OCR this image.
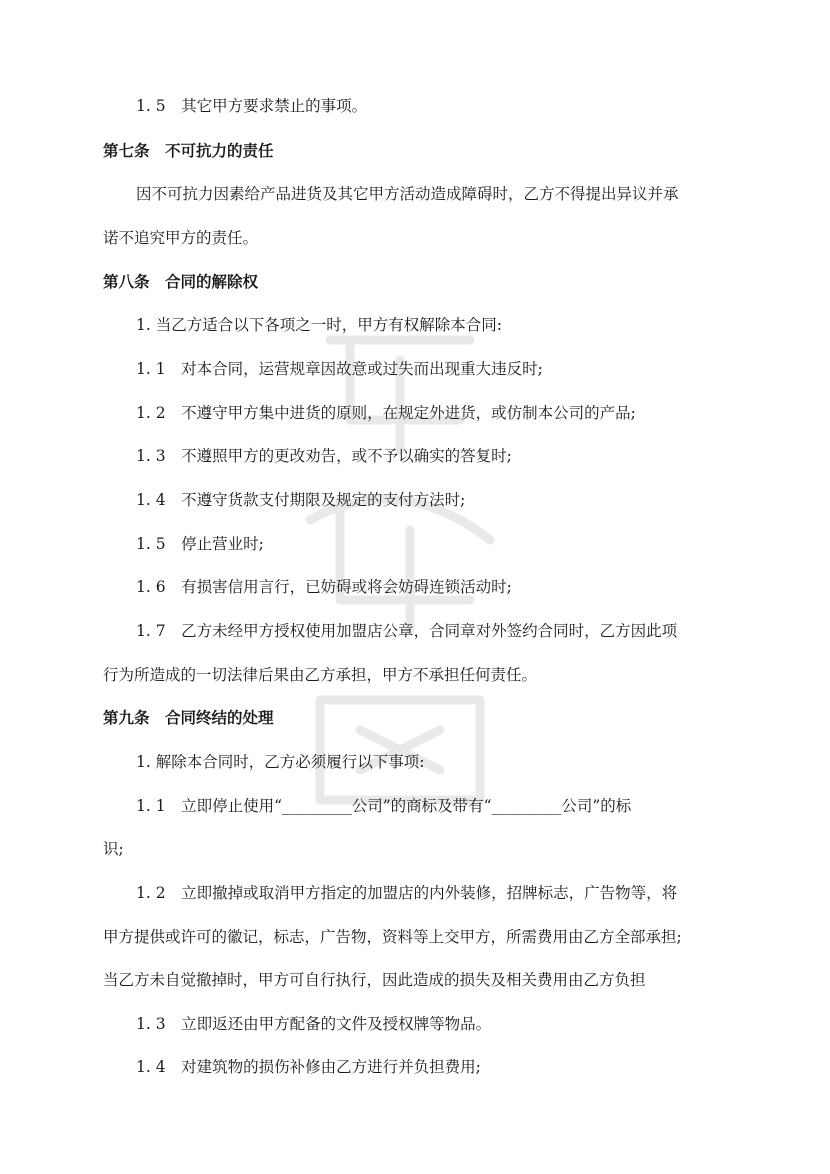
1. 5　其它甲方要求禁止的事项。
第七条　不可抗力的责任
因不可抗力因素给产品进货及其它甲方活动造成障碍时，乙方不得提出异议并承
诺不追究甲方的责任。
第八条　合同的解除权
1. 当乙方适合以下各项之一时，甲方有权解除本合同:
1. 1　对本合同，运营规章因故意或过失而出现重大违反时;
1. 2　不遵守甲方集中进货的原则，在规定外进货，或仿制本公司的产品;
1. 3　不遵照甲方的更改劝告，或不予以确实的答复时;
1. 4　不遵守货款支付期限及规定的支付方法时;
1. 5　停止营业时;
1. 6　有损害信用言行，已妨碍或将会妨碍连锁活动时;
1. 7　乙方未经甲方授权使用加盟店公章，合同章对外签约合同时，乙方因此项
行为所造成的一切法律后果由乙方承担，甲方不承担任何责任。
第九条　合同终结的处理
1. 解除本合同时，乙方必须履行以下事项:
1. 1　立即停止使用“_________公司”的商标及带有“_________公司”的标
识;
1. 2　立即撤掉或取消甲方指定的加盟店的内外装修，招牌标志，广告物等，将
甲方提供或许可的徽记，标志，广告物，资料等上交甲方，所需费用由乙方全部承担;
当乙方未自觉撤掉时，甲方可自行执行，因此造成的损失及相关费用由乙方负担
1. 3　立即返还由甲方配备的文件及授权牌等物品。
1. 4　对建筑物的损伤补修由乙方进行并负担费用;
